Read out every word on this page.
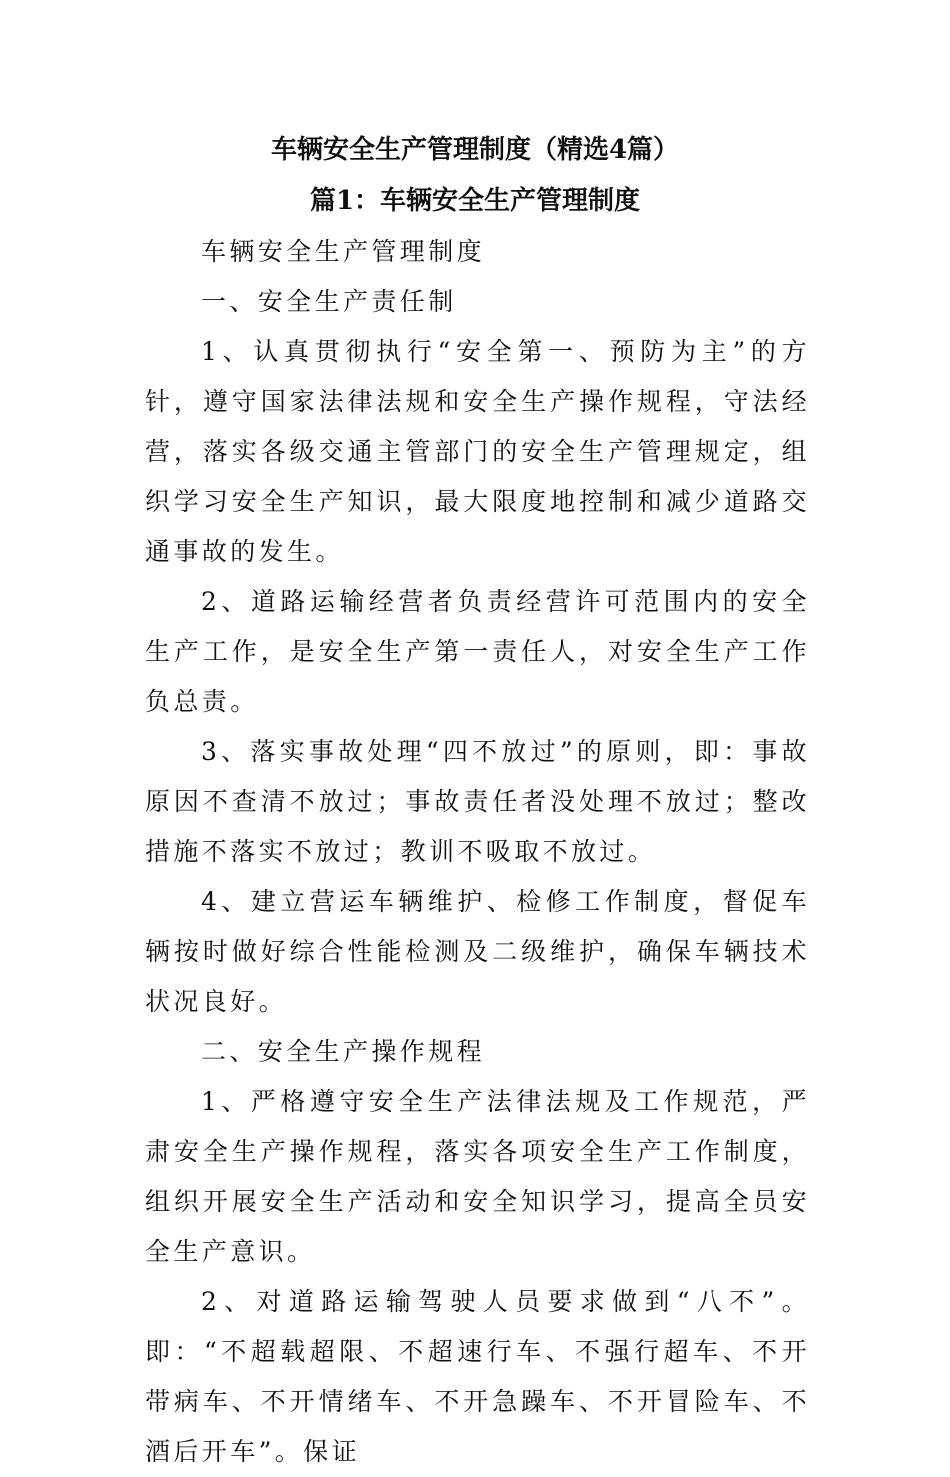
车辆安全生产管理制度（精选4篇）
篇1：车辆安全生产管理制度

车辆安全生产管理制度

一、安全生产责任制

1、认真贯彻执行“安全第一、预防为主”的方针，遵守国家法律法规和安全生产操作规程，守法经营，落实各级交通主管部门的安全生产管理规定，组织学习安全生产知识，最大限度地控制和减少道路交通事故的发生。

2、道路运输经营者负责经营许可范围内的安全生产工作，是安全生产第一责任人，对安全生产工作负总责。

3、落实事故处理“四不放过”的原则，即：事故原因不查清不放过；事故责任者没处理不放过；整改措施不落实不放过；教训不吸取不放过。

4、建立营运车辆维护、检修工作制度，督促车辆按时做好综合性能检测及二级维护，确保车辆技术状况良好。

二、安全生产操作规程

1、严格遵守安全生产法律法规及工作规范，严肃安全生产操作规程，落实各项安全生产工作制度，组织开展安全生产活动和安全知识学习，提高全员安全生产意识。

2、对道路运输驾驶人员要求做到“八不”。即：“不超载超限、不超速行车、不强行超车、不开带病车、不开情绪车、不开急躁车、不开冒险车、不酒后开车”。保证
